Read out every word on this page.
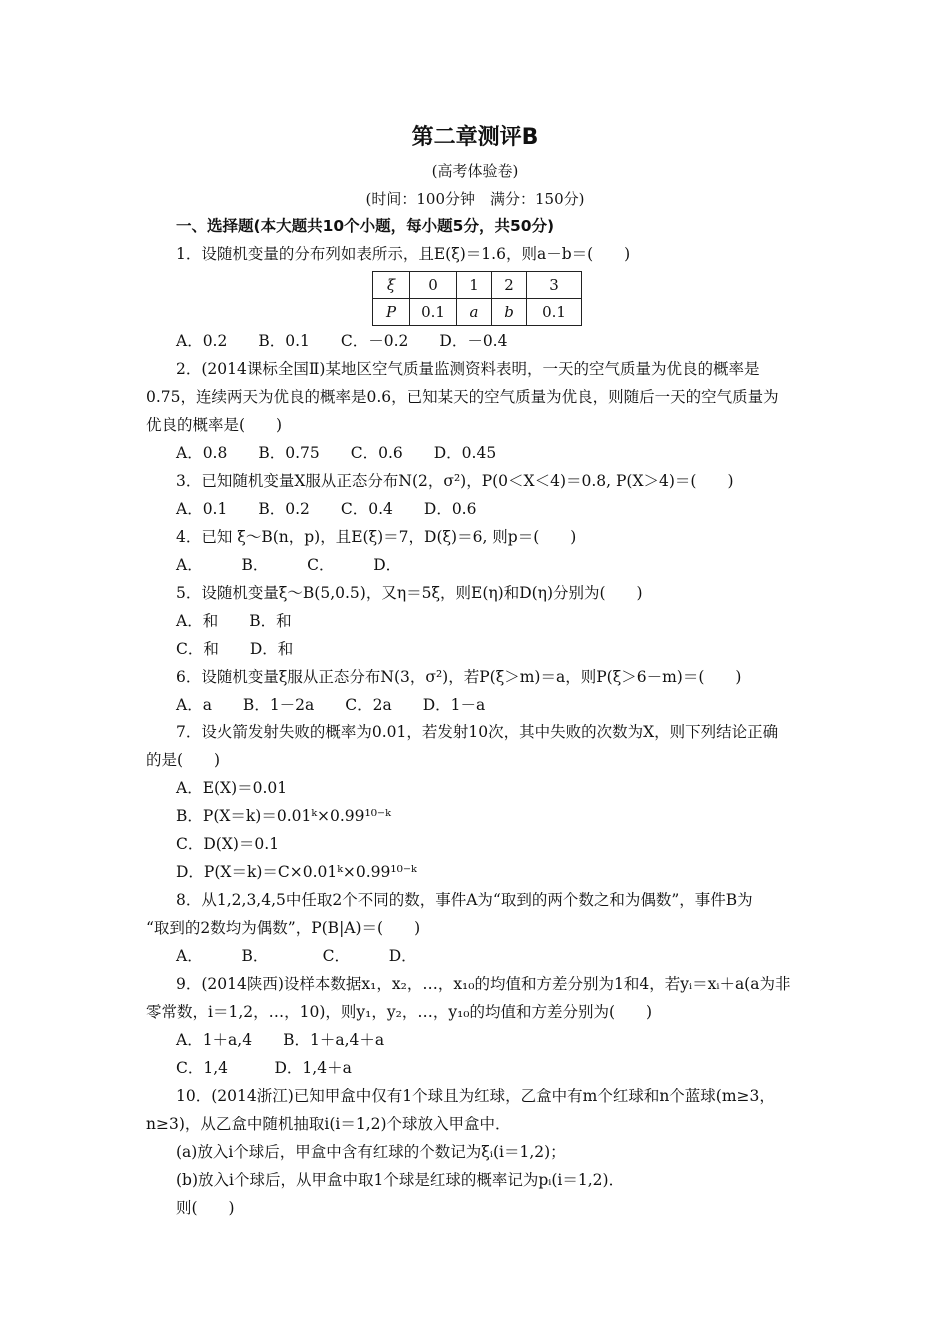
第二章测评B
(高考体验卷)
(时间：100分钟　满分：150分)
一、选择题(本大题共10个小题，每小题5分，共50分)
1．设随机变量的分布列如表所示，且E(ξ)＝1.6，则a－b＝(　　)
ξ	0	1	2	3
P	0.1	a	b	0.1
A．0.2　　B．0.1　　C．－0.2　　D．－0.4
2．(2014课标全国Ⅱ)某地区空气质量监测资料表明，一天的空气质量为优良的概率是
0.75，连续两天为优良的概率是0.6，已知某天的空气质量为优良，则随后一天的空气质量为
优良的概率是(　　)
A．0.8　　B．0.75　　C．0.6　　D．0.45
3．已知随机变量X服从正态分布N(2，σ²)，P(0＜X＜4)＝0.8, P(X＞4)＝(　　)
A．0.1　　B．0.2　　C．0.4　　D．0.6
4．已知 ξ～B(n，p)，且E(ξ)＝7，D(ξ)＝6, 则p＝(　　)
A．　　　B．　　　C．　　　D．
5．设随机变量ξ～B(5,0.5)，又η＝5ξ，则E(η)和D(η)分别为(　　)
A．和　　B．和
C．和　　D．和
6．设随机变量ξ服从正态分布N(3，σ²)，若P(ξ＞m)＝a，则P(ξ＞6－m)＝(　　)
A．a　　B．1－2a　　C．2a　　D．1－a
7．设火箭发射失败的概率为0.01，若发射10次，其中失败的次数为X，则下列结论正确
的是(　　)
A．E(X)＝0.01
B．P(X＝k)＝0.01ᵏ×0.99¹⁰⁻ᵏ
C．D(X)＝0.1
D．P(X＝k)＝C×0.01ᵏ×0.99¹⁰⁻ᵏ
8．从1,2,3,4,5中任取2个不同的数，事件A为“取到的两个数之和为偶数”，事件B为
“取到的2数均为偶数”，P(B|A)＝(　　)
A．　　　B．　　　　C．　　　D．
9．(2014陕西)设样本数据x₁，x₂，…，x₁₀的均值和方差分别为1和4，若yᵢ＝xᵢ＋a(a为非
零常数，i＝1,2，…，10)，则y₁，y₂，…，y₁₀的均值和方差分别为(　　)
A．1＋a,4　　B．1＋a,4＋a
C．1,4　　　D．1,4＋a
10．(2014浙江)已知甲盒中仅有1个球且为红球，乙盒中有m个红球和n个蓝球(m≥3，
n≥3)，从乙盒中随机抽取i(i＝1,2)个球放入甲盒中．
(a)放入i个球后，甲盒中含有红球的个数记为ξᵢ(i＝1,2)；
(b)放入i个球后，从甲盒中取1个球是红球的概率记为pᵢ(i＝1,2)．
则(　　)
